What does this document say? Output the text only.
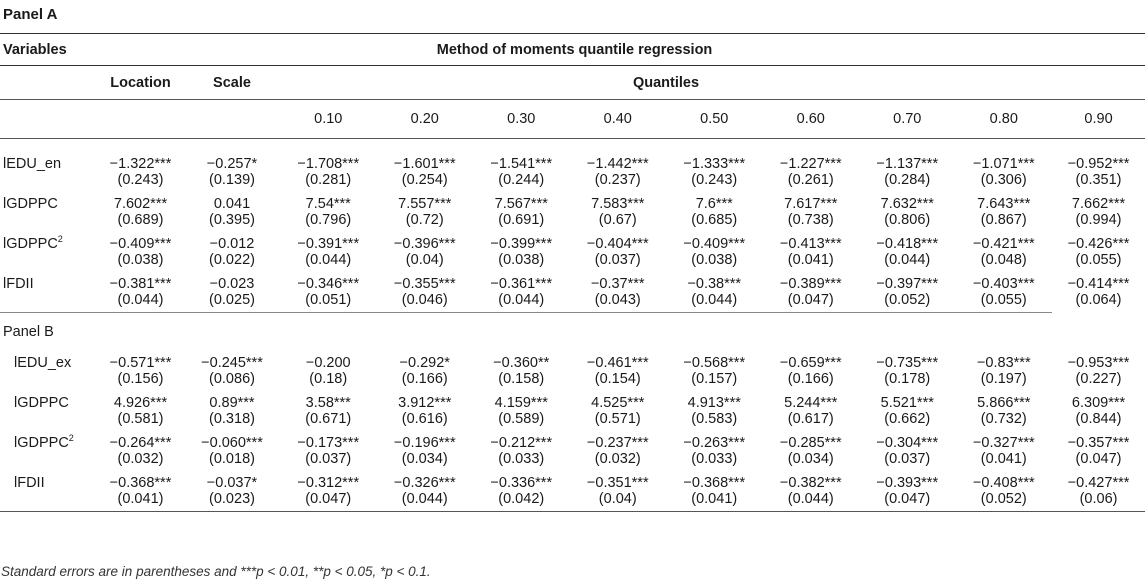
Panel A
Variables	Method of moments quantile regression										
	Location	Scale	Quantiles								
			0.10	0.20	0.30	0.40	0.50	0.60	0.70	0.80	0.90
lEDU_en	−1.322***	−0.257*	−1.708***	−1.601***	−1.541***	−1.442***	−1.333***	−1.227***	−1.137***	−1.071***	−0.952***
	(0.243)	(0.139)	(0.281)	(0.254)	(0.244)	(0.237)	(0.243)	(0.261)	(0.284)	(0.306)	(0.351)
lGDPPC	7.602***	0.041	7.54***	7.557***	7.567***	7.583***	7.6***	7.617***	7.632***	7.643***	7.662***
	(0.689)	(0.395)	(0.796)	(0.72)	(0.691)	(0.67)	(0.685)	(0.738)	(0.806)	(0.867)	(0.994)
lGDPPC$^2$	−0.409***	−0.012	−0.391***	−0.396***	−0.399***	−0.404***	−0.409***	−0.413***	−0.418***	−0.421***	−0.426***
	(0.038)	(0.022)	(0.044)	(0.04)	(0.038)	(0.037)	(0.038)	(0.041)	(0.044)	(0.048)	(0.055)
lFDII	−0.381***	−0.023	−0.346***	−0.355***	−0.361***	−0.37***	−0.38***	−0.389***	−0.397***	−0.403***	−0.414***
	(0.044)	(0.025)	(0.051)	(0.046)	(0.044)	(0.043)	(0.044)	(0.047)	(0.052)	(0.055)	(0.064)
Panel B											
lEDU_ex	−0.571***	−0.245***	−0.200	−0.292*	−0.360**	−0.461***	−0.568***	−0.659***	−0.735***	−0.83***	−0.953***
	(0.156)	(0.086)	(0.18)	(0.166)	(0.158)	(0.154)	(0.157)	(0.166)	(0.178)	(0.197)	(0.227)
lGDPPC	4.926***	0.89***	3.58***	3.912***	4.159***	4.525***	4.913***	5.244***	5.521***	5.866***	6.309***
	(0.581)	(0.318)	(0.671)	(0.616)	(0.589)	(0.571)	(0.583)	(0.617)	(0.662)	(0.732)	(0.844)
lGDPPC$^2$	−0.264***	−0.060***	−0.173***	−0.196***	−0.212***	−0.237***	−0.263***	−0.285***	−0.304***	−0.327***	−0.357***
	(0.032)	(0.018)	(0.037)	(0.034)	(0.033)	(0.032)	(0.033)	(0.034)	(0.037)	(0.041)	(0.047)
lFDII	−0.368***	−0.037*	−0.312***	−0.326***	−0.336***	−0.351***	−0.368***	−0.382***	−0.393***	−0.408***	−0.427***
	(0.041)	(0.023)	(0.047)	(0.044)	(0.042)	(0.04)	(0.041)	(0.044)	(0.047)	(0.052)	(0.06)
Standard errors are in parentheses and ***p < 0.01, **p < 0.05, *p < 0.1.
